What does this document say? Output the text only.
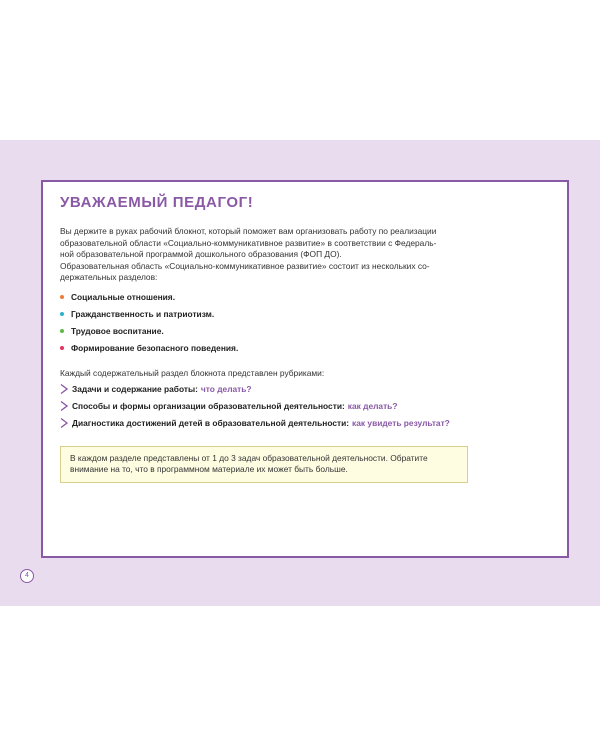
УВАЖАЕМЫЙ ПЕДАГОГ!

Вы держите в руках рабочий блокнот, который поможет вам организовать работу по реализации
образовательной области «Социально-коммуникативное развитие» в соответствии с Федераль-
ной образовательной программой дошкольного образования (ФОП ДО).
Образовательная область «Социально-коммуникативное развитие» состоит из нескольких со-
держательных разделов:

Социальные отношения.
Гражданственность и патриотизм.
Трудовое воспитание.
Формирование безопасного поведения.

Каждый содержательный раздел блокнота представлен рубриками:

Задачи и содержание работы: что делать?
Способы и формы организации образовательной деятельности: как делать?
Диагностика достижений детей в образовательной деятельности: как увидеть результат?
В каждом разделе представлены от 1 до 3 задач образовательной деятельности. Обратите
внимание на то, что в программном материале их может быть больше.
4
